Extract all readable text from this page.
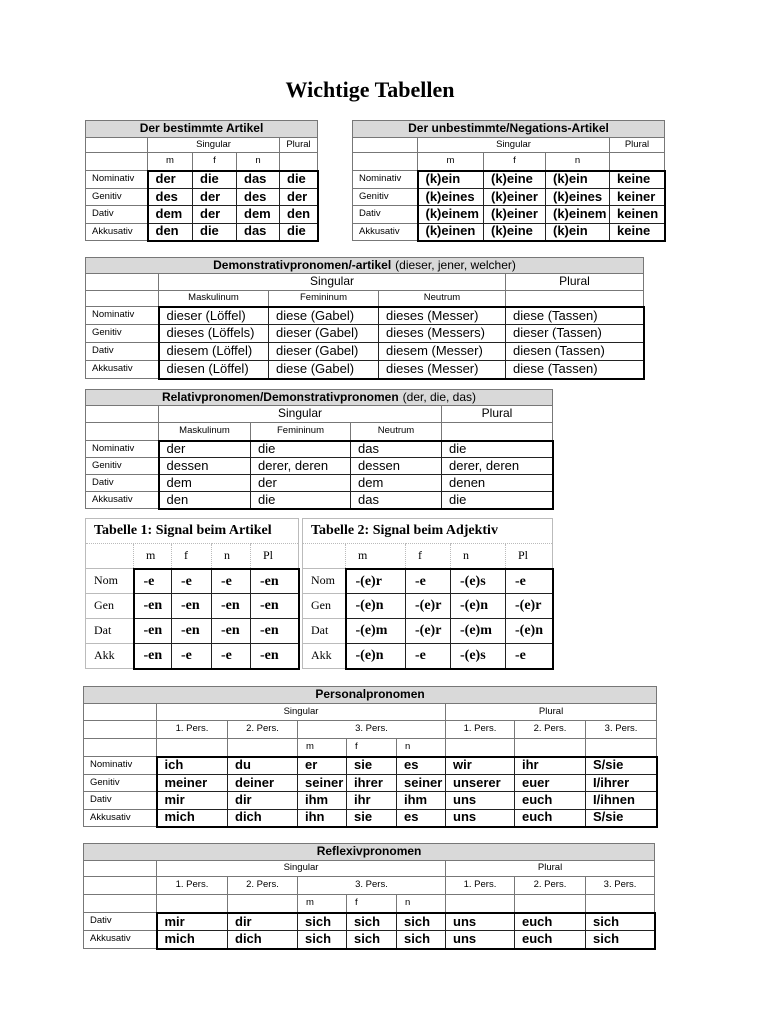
Wichtige Tabellen
Der bestimmte Artikel				
	Singular			Plural
	m	f	n	
Nominativ	der	die	das	die
Genitiv	des	der	des	der
Dativ	dem	der	dem	den
Akkusativ	den	die	das	die
Der unbestimmte/Negations-Artikel				
	Singular			Plural
	m	f	n	
Nominativ	(k)ein	(k)eine	(k)ein	keine
Genitiv	(k)eines	(k)einer	(k)eines	keiner
Dativ	(k)einem	(k)einer	(k)einem	keinen
Akkusativ	(k)einen	(k)eine	(k)ein	keine
Demonstrativpronomen/-artikel (dieser, jener, welcher)				
	Singular			Plural
	Maskulinum	Femininum	Neutrum	
Nominativ	dieser (Löffel)	diese (Gabel)	dieses (Messer)	diese (Tassen)
Genitiv	dieses (Löffels)	dieser (Gabel)	dieses (Messers)	dieser (Tassen)
Dativ	diesem (Löffel)	dieser (Gabel)	diesem (Messer)	diesen (Tassen)
Akkusativ	diesen (Löffel)	diese (Gabel)	dieses (Messer)	diese (Tassen)
Relativpronomen/Demonstrativpronomen (der, die, das)				
	Singular			Plural
	Maskulinum	Femininum	Neutrum	
Nominativ	der	die	das	die
Genitiv	dessen	derer, deren	dessen	derer, deren
Dativ	dem	der	dem	denen
Akkusativ	den	die	das	die
Tabelle 1: Signal beim Artikel				
	m	f	n	Pl
Nom	-e	-e	-e	-en
Gen	-en	-en	-en	-en
Dat	-en	-en	-en	-en
Akk	-en	-e	-e	-en
Tabelle 2: Signal beim Adjektiv				
	m	f	n	Pl
Nom	-(e)r	-e	-(e)s	-e
Gen	-(e)n	-(e)r	-(e)n	-(e)r
Dat	-(e)m	-(e)r	-(e)m	-(e)n
Akk	-(e)n	-e	-(e)s	-e
Personalpronomen								
	Singular					Plural		
	1. Pers.	2. Pers.	3. Pers.			1. Pers.	2. Pers.	3. Pers.
			m	f	n			
Nominativ	ich	du	er	sie	es	wir	ihr	S/sie
Genitiv	meiner	deiner	seiner	ihrer	seiner	unserer	euer	I/ihrer
Dativ	mir	dir	ihm	ihr	ihm	uns	euch	I/ihnen
Akkusativ	mich	dich	ihn	sie	es	uns	euch	S/sie
Reflexivpronomen								
	Singular					Plural		
	1. Pers.	2. Pers.	3. Pers.			1. Pers.	2. Pers.	3. Pers.
			m	f	n			
Dativ	mir	dir	sich	sich	sich	uns	euch	sich
Akkusativ	mich	dich	sich	sich	sich	uns	euch	sich
